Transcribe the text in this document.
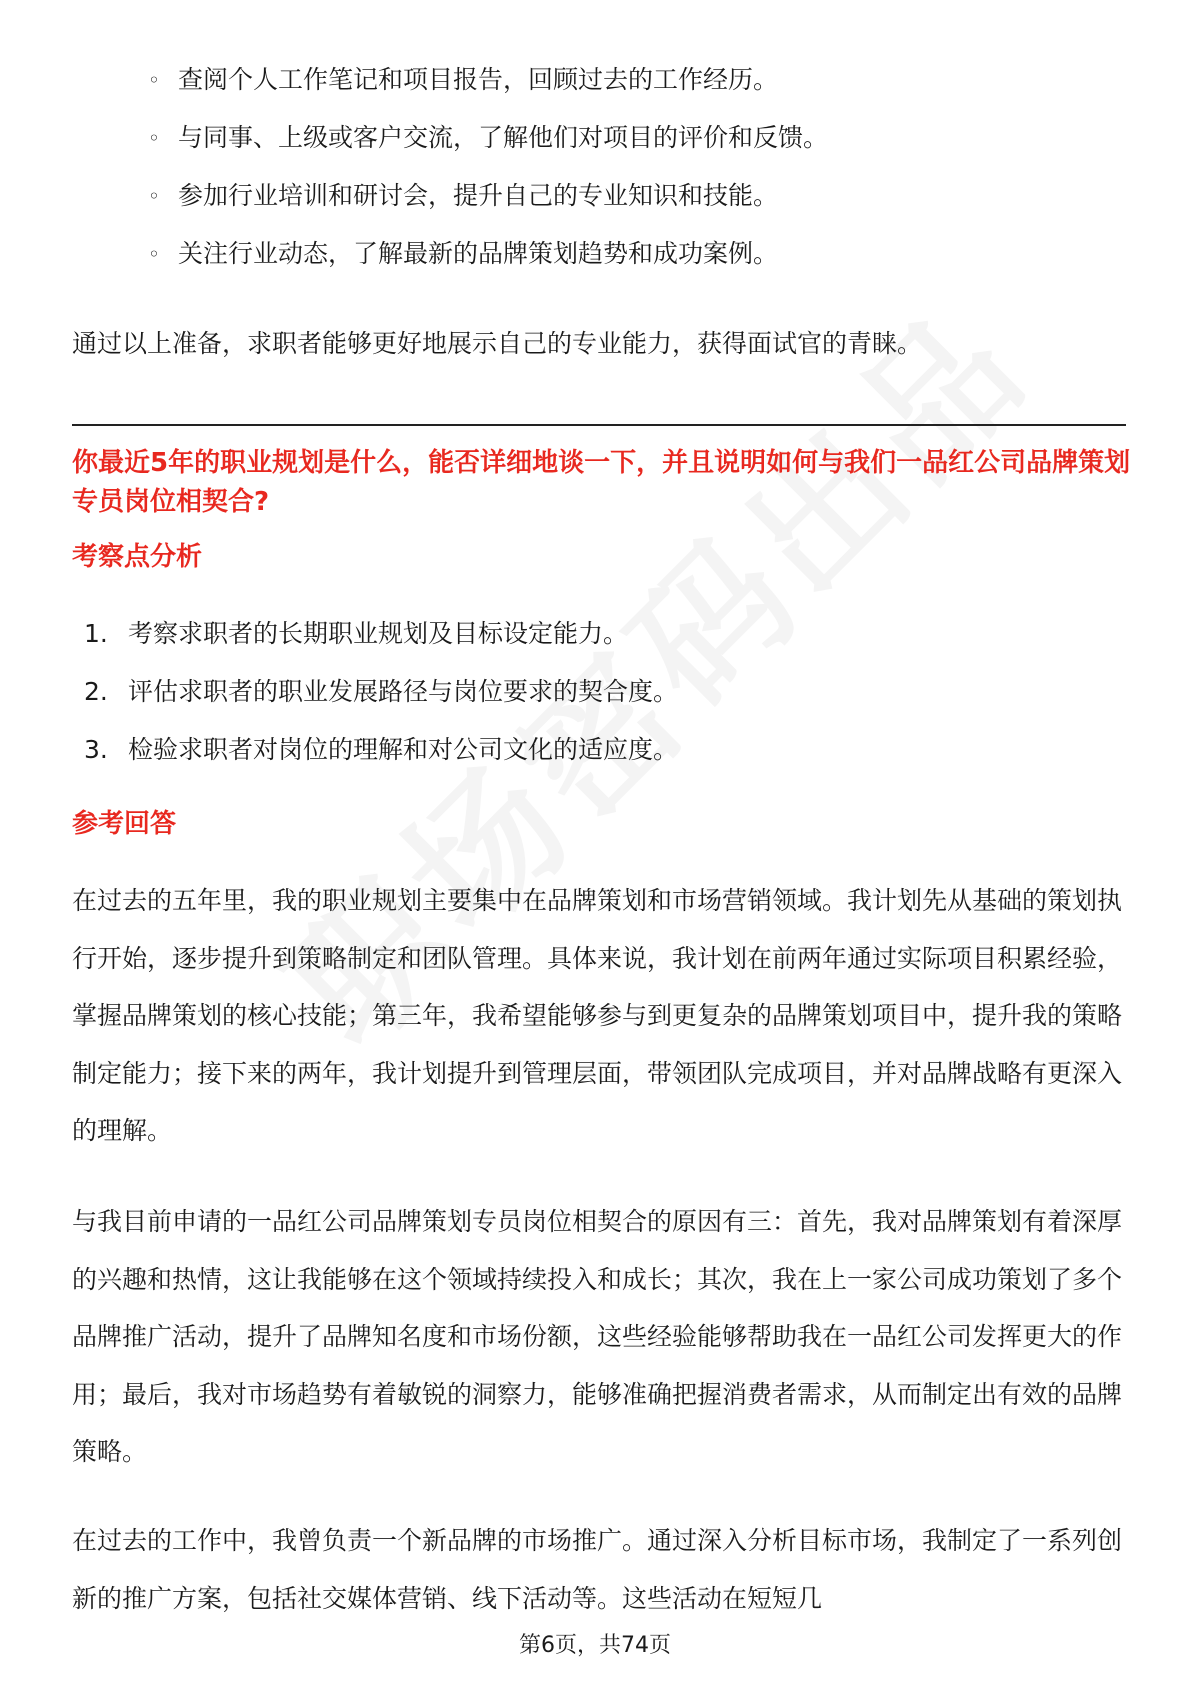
◦ 查阅个人工作笔记和项目报告，回顾过去的工作经历。
◦ 与同事、上级或客户交流，了解他们对项目的评价和反馈。
◦ 参加行业培训和研讨会，提升自己的专业知识和技能。
◦ 关注行业动态，了解最新的品牌策划趋势和成功案例。
通过以上准备，求职者能够更好地展示自己的专业能力，获得面试官的青睐。
你最近5年的职业规划是什么，能否详细地谈一下，并且说明如何与我们一品红公司品牌策划专员岗位相契合?
考察点分析
1. 考察求职者的长期职业规划及目标设定能力。
2. 评估求职者的职业发展路径与岗位要求的契合度。
3. 检验求职者对岗位的理解和对公司文化的适应度。
参考回答
在过去的五年里，我的职业规划主要集中在品牌策划和市场营销领域。我计划先从基础的策划执行开始，逐步提升到策略制定和团队管理。具体来说，我计划在前两年通过实际项目积累经验，掌握品牌策划的核心技能；第三年，我希望能够参与到更复杂的品牌策划项目中，提升我的策略制定能力；接下来的两年，我计划提升到管理层面，带领团队完成项目，并对品牌战略有更深入的理解。
与我目前申请的一品红公司品牌策划专员岗位相契合的原因有三：首先，我对品牌策划有着深厚的兴趣和热情，这让我能够在这个领域持续投入和成长；其次，我在上一家公司成功策划了多个品牌推广活动，提升了品牌知名度和市场份额，这些经验能够帮助我在一品红公司发挥更大的作用；最后，我对市场趋势有着敏锐的洞察力，能够准确把握消费者需求，从而制定出有效的品牌策略。
在过去的工作中，我曾负责一个新品牌的市场推广。通过深入分析目标市场，我制定了一系列创新的推广方案，包括社交媒体营销、线下活动等。这些活动在短短几
第6页，共74页
